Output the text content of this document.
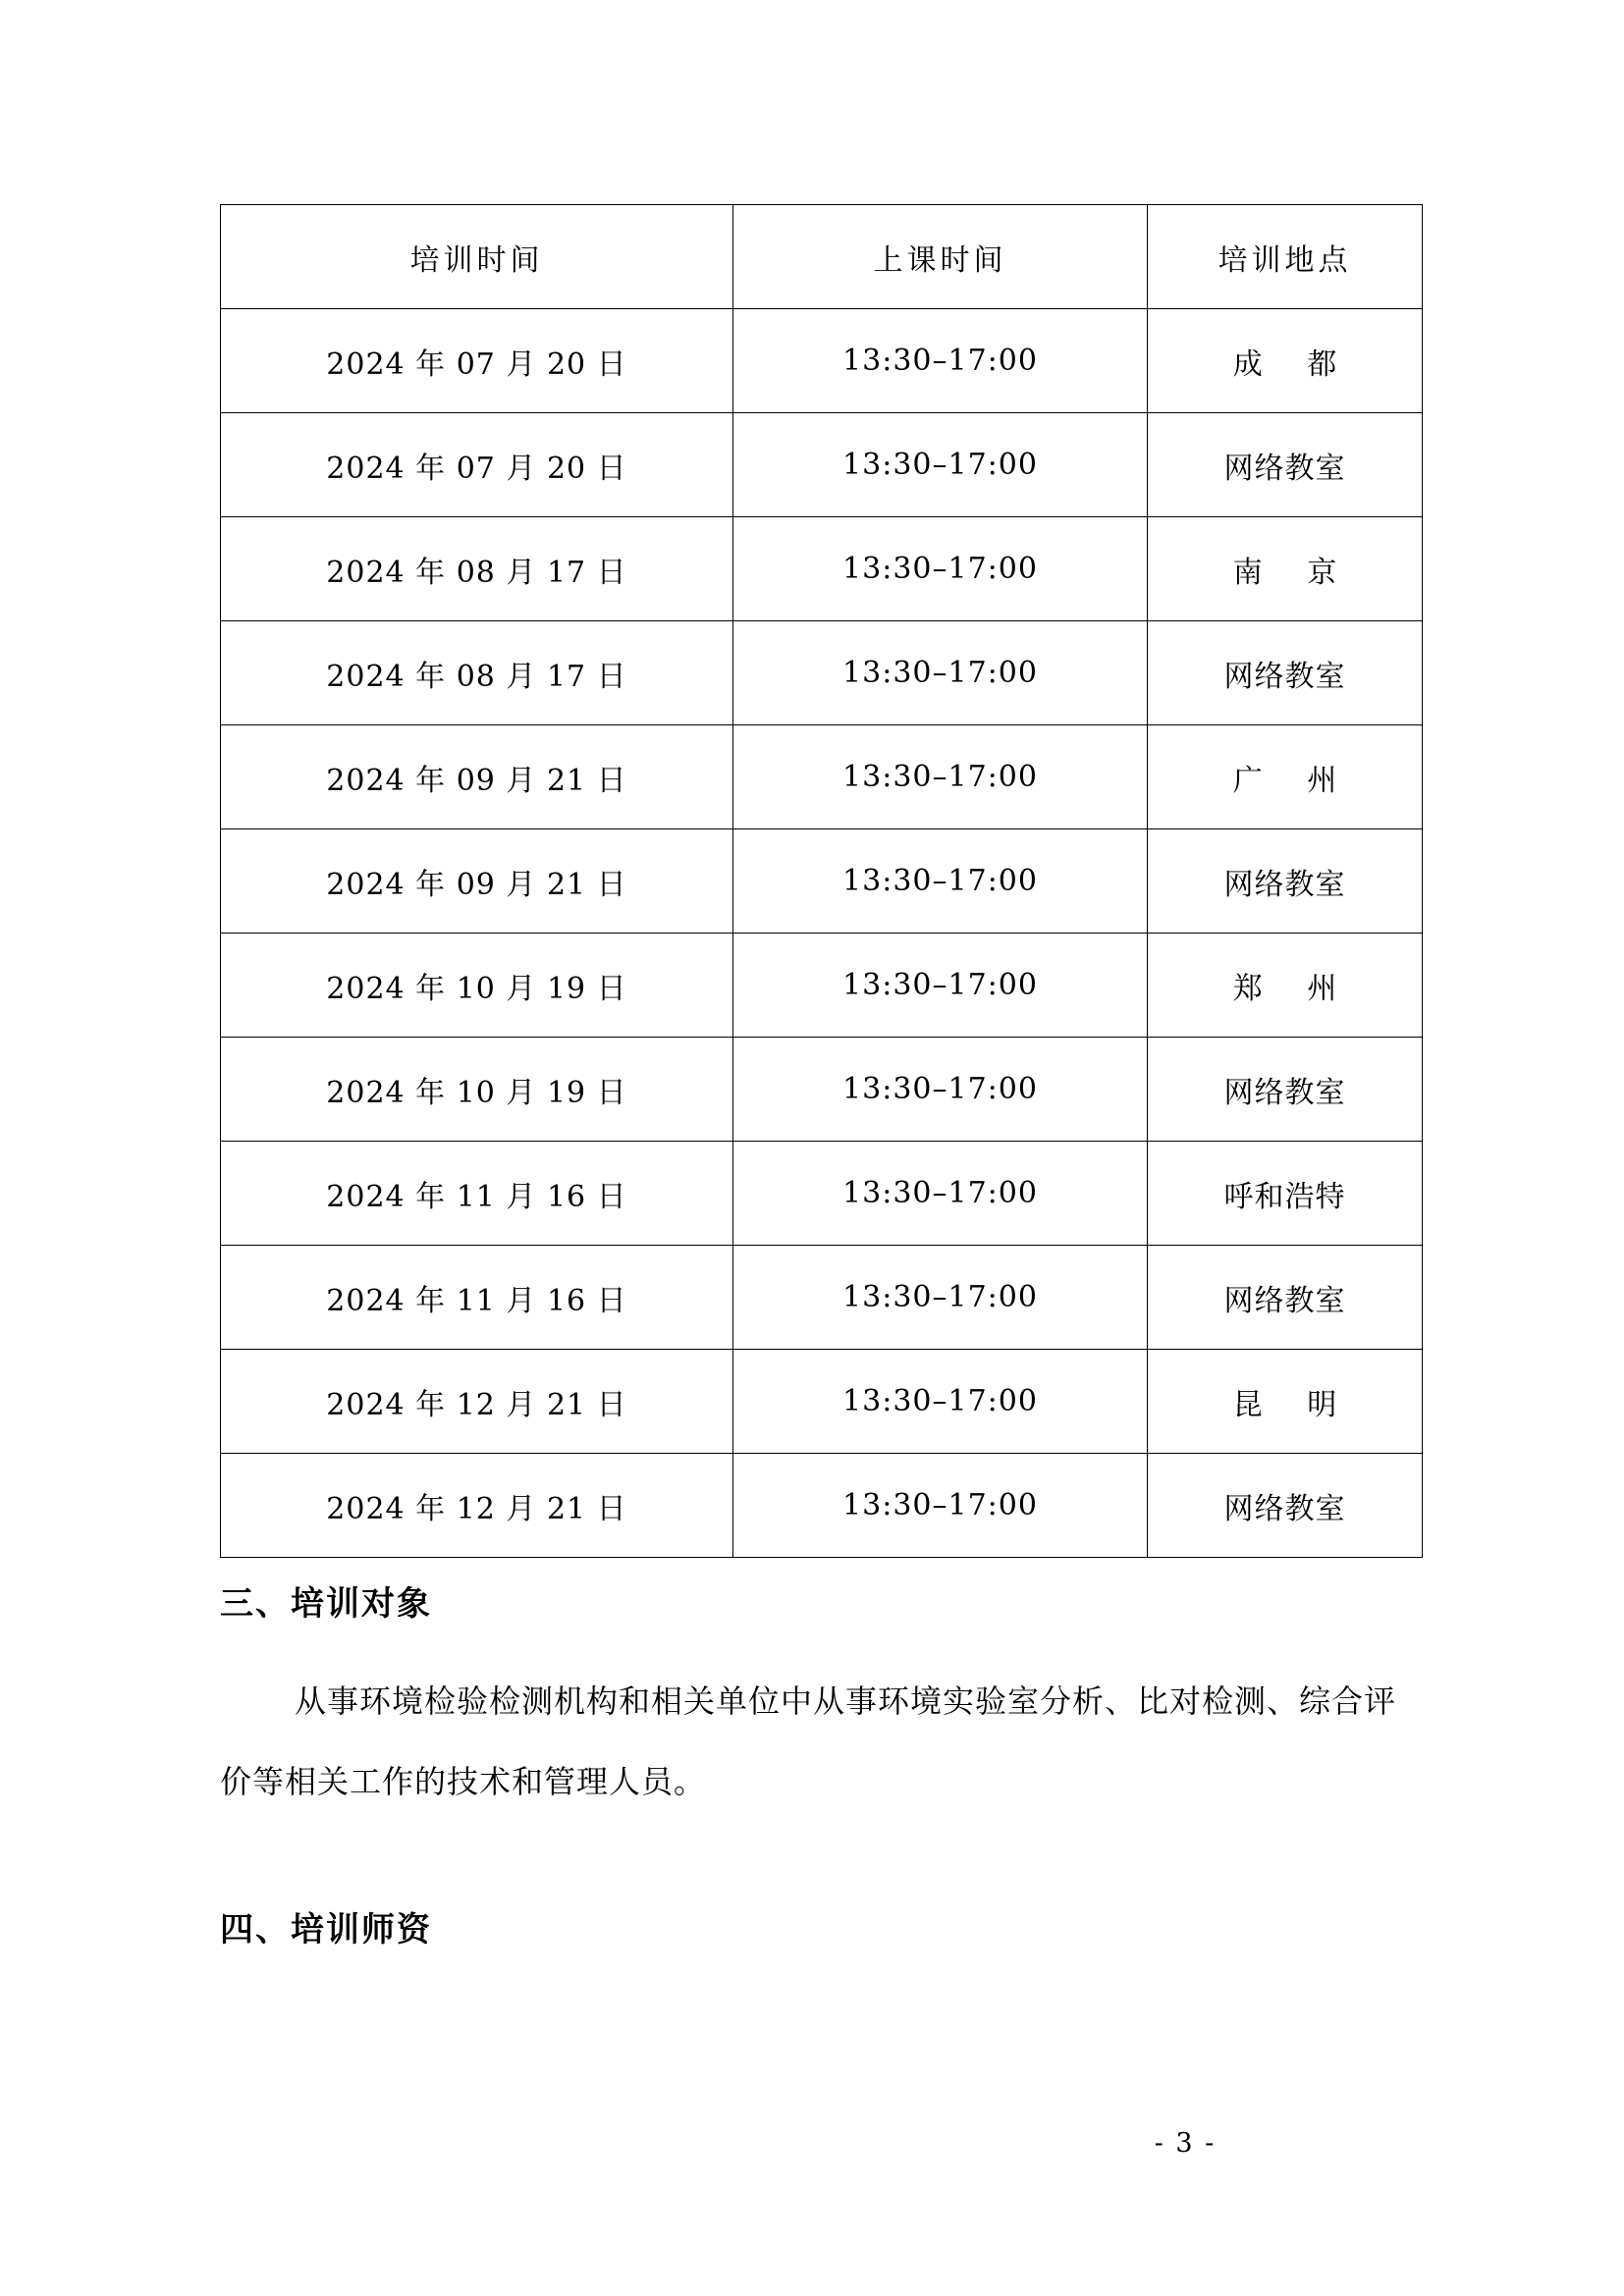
培训时间	上课时间	培训地点
2024 年 07 月 20 日	13:30–17:00	成 都
2024 年 07 月 20 日	13:30–17:00	网络教室
2024 年 08 月 17 日	13:30–17:00	南 京
2024 年 08 月 17 日	13:30–17:00	网络教室
2024 年 09 月 21 日	13:30–17:00	广 州
2024 年 09 月 21 日	13:30–17:00	网络教室
2024 年 10 月 19 日	13:30–17:00	郑 州
2024 年 10 月 19 日	13:30–17:00	网络教室
2024 年 11 月 16 日	13:30–17:00	呼和浩特
2024 年 11 月 16 日	13:30–17:00	网络教室
2024 年 12 月 21 日	13:30–17:00	昆 明
2024 年 12 月 21 日	13:30–17:00	网络教室
三、培训对象
从事环境检验检测机构和相关单位中从事环境实验室分析、比对检测、综合评价等相关工作的技术和管理人员。
四、培训师资
- 3 -
